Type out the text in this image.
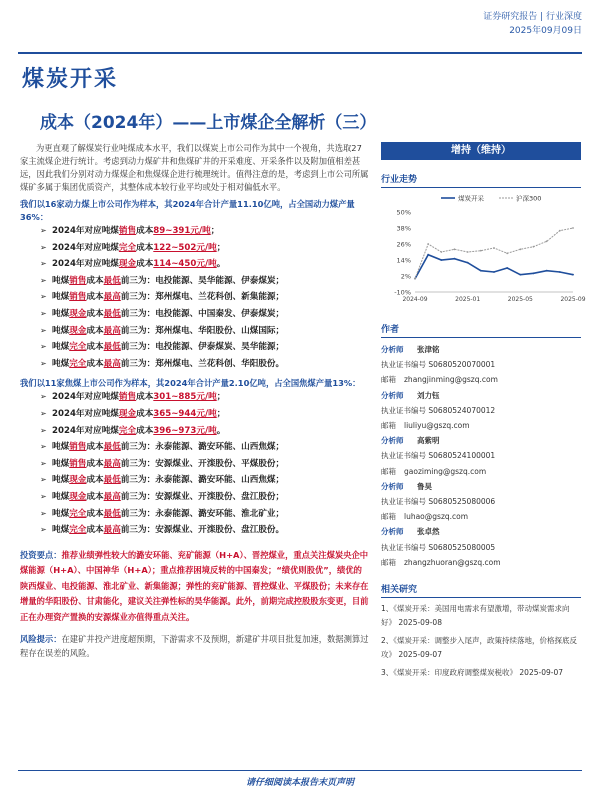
证券研究报告 | 行业深度
2025年09月09日
煤炭开采
成本（2024年）——上市煤企全解析（三）

为更直观了解煤炭行业吨煤成本水平，我们以煤炭上市公司作为其中一个视角，共选取27家主流煤企进行统计。考虑到动力煤矿井和焦煤矿井的开采难度、开采条件以及附加值相差甚远，因此我们分别对动力煤煤企和焦煤煤企进行梳理统计。值得注意的是，考虑到上市公司所属煤矿多属于集团优质资产，其整体成本较行业平均或处于相对偏低水平。

我们以16家动力煤上市公司作为样本，其2024年合计产量11.10亿吨，占全国动力煤产量36%：

➢ 2024年对应吨煤销售成本89~391元/吨；
➢ 2024年对应吨煤完全成本122~502元/吨；
➢ 2024年对应吨煤现金成本114~450元/吨。
➢ 吨煤销售成本最低前三为：电投能源、昊华能源、伊泰煤炭；
➢ 吨煤销售成本最高前三为：郑州煤电、兰花科创、新集能源；
➢ 吨煤现金成本最低前三为：电投能源、中国秦发、伊泰煤炭；
➢ 吨煤现金成本最高前三为：郑州煤电、华阳股份、山煤国际；
➢ 吨煤完全成本最低前三为：电投能源、伊泰煤炭、昊华能源；
➢ 吨煤完全成本最高前三为：郑州煤电、兰花科创、华阳股份。

我们以11家焦煤上市公司作为样本，其2024年合计产量2.10亿吨，占全国焦煤产量13%：

➢ 2024年对应吨煤销售成本301~885元/吨；
➢ 2024年对应吨煤现金成本365~944元/吨；
➢ 2024年对应吨煤完全成本396~973元/吨。
➢ 吨煤销售成本最低前三为：永泰能源、潞安环能、山西焦煤；
➢ 吨煤销售成本最高前三为：安源煤业、开滦股份、平煤股份；
➢ 吨煤现金成本最低前三为：永泰能源、潞安环能、山西焦煤；
➢ 吨煤现金成本最高前三为：安源煤业、开滦股份、盘江股份；
➢ 吨煤完全成本最低前三为：永泰能源、潞安环能、淮北矿业；
➢ 吨煤完全成本最高前三为：安源煤业、开滦股份、盘江股份。

投资要点：推荐业绩弹性较大的潞安环能、兖矿能源（H+A）、晋控煤业，重点关注煤炭央企中煤能源（H+A）、中国神华（H+A）；重点推荐困境反转的中国秦发；“绩优则股优”，绩优的陕西煤业、电投能源、淮北矿业、新集能源；弹性的兖矿能源、晋控煤业、平煤股份；未来存在增量的华阳股份、甘肃能化，建议关注弹性标的昊华能源。此外，前期完成控股股东变更，目前正在办理资产置换的安源煤业亦值得重点关注。

风险提示：在建矿井投产进度超预期，下游需求不及预期，新建矿井项目批复加速，数据测算过程存在误差的风险。

增持（维持）
行业走势
50%
38%
26%
14%
2%
-10%
2024-09	2025-01	2025-05	2025-09
煤炭开采	沪深300
作者
分析师 张津铭
执业证书编号 S0680520070001
邮箱 zhangjinming@gszq.com
分析师 刘力钰
执业证书编号 S0680524070012
邮箱 liuliyu@gszq.com
分析师 高紫明
执业证书编号 S0680524100001
邮箱 gaoziming@gszq.com
分析师 鲁昊
执业证书编号 S0680525080006
邮箱 luhao@gszq.com
分析师 张卓然
执业证书编号 S0680525080005
邮箱 zhangzhuoran@gszq.com
相关研究
1、《煤炭开采：美国用电需求有望激增，带动煤炭需求向好》 2025-09-08
2、《煤炭开采：调整步入尾声，政策持续落地，价格探底反攻》 2025-09-07
3、《煤炭开采：印度政府调整煤炭税收》 2025-09-07
请仔细阅读本报告末页声明
